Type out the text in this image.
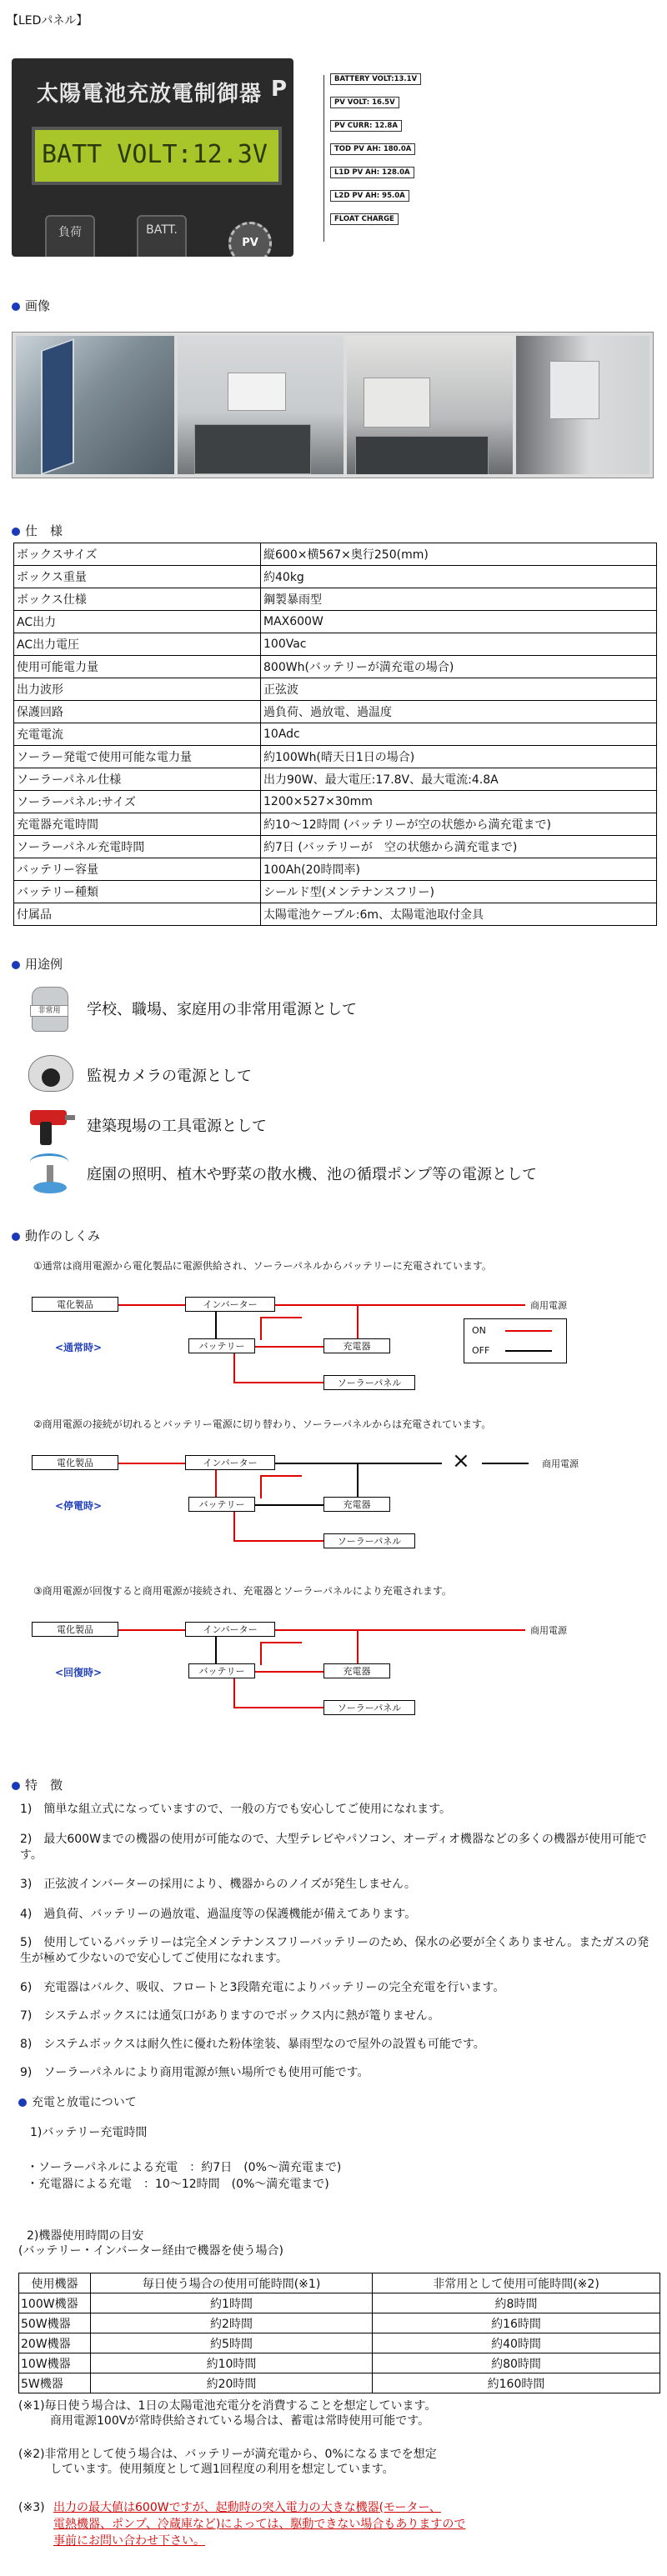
【LEDパネル】
太陽電池充放電制御器 P
BATT VOLT:12.3V
負荷	BATT.
PV
BATTERY VOLT:13.1V
PV VOLT: 16.5V
PV CURR: 12.8A
TOD PV AH: 180.0A
L1D PV AH: 128.0A
L2D PV AH: 95.0A
FLOAT CHARGE
画像
仕　様
ボックスサイズ	縦600×横567×奥行250(mm)
ボックス重量	約40kg
ボックス仕様	鋼製暴雨型
AC出力	MAX600W
AC出力電圧	100Vac
使用可能電力量	800Wh(バッテリーが満充電の場合)
出力波形	正弦波
保護回路	過負荷、過放電、過温度
充電電流	10Adc
ソーラー発電で使用可能な電力量	約100Wh(晴天日1日の場合)
ソーラーパネル仕様	出力90W、最大電圧:17.8V、最大電流:4.8A
ソーラーパネル:サイズ	1200×527×30mm
充電器充電時間	約10〜12時間 (バッテリーが空の状態から満充電まで)
ソーラーパネル充電時間	約7日 (バッテリーが　空の状態から満充電まで)
バッテリー容量	100Ah(20時間率)
バッテリー種類	シールド型(メンテナンスフリー)
付属品	太陽電池ケーブル:6m、太陽電池取付金具
用途例
非常用	学校、職場、家庭用の非常用電源として
監視カメラの電源として
建築現場の工具電源として
庭園の照明、植木や野菜の散水機、池の循環ポンプ等の電源として
動作のしくみ
①通常は商用電源から電化製品に電源供給され、ソーラーパネルからバッテリーに充電されています。
電化製品	インバーター
バッテリー	充電器
ソーラーパネル
<通常時>
商用電源
②商用電源の接続が切れるとバッテリー電源に切り替わり、ソーラーパネルからは充電されています。
電化製品	インバーター
バッテリー	充電器
ソーラーパネル
<停電時>
商用電源
×
③商用電源が回復すると商用電源が接続され、充電器とソーラーパネルにより充電されます。
電化製品	インバーター
バッテリー	充電器
ソーラーパネル
<回復時>
商用電源
ON
OFF
特　徴
1)　簡単な組立式になっていますので、一般の方でも安心してご使用になれます。
2)　最大600Wまでの機器の使用が可能なので、大型テレビやパソコン、オーディオ機器などの多くの機器が使用可能です。
3)　正弦波インバーターの採用により、機器からのノイズが発生しません。
4)　過負荷、バッテリーの過放電、過温度等の保護機能が備えてあります。
5)　使用しているバッテリーは完全メンテナンスフリーバッテリーのため、保水の必要が全くありません。またガスの発生が極めて少ないので安心してご使用になれます。
6)　充電器はバルク、吸収、フロートと3段階充電によりバッテリーの完全充電を行います。
7)　システムボックスには通気口がありますのでボックス内に熱が篭りません。
8)　システムボックスは耐久性に優れた粉体塗装、暴雨型なので屋外の設置も可能です。
9)　ソーラーパネルにより商用電源が無い場所でも使用可能です。
充電と放電について
1)バッテリー充電時間
・ソーラーパネルによる充電　：約7日　(0%〜満充電まで)
・充電器による充電　：10〜12時間　(0%〜満充電まで)
2)機器使用時間の目安
(バッテリー・インバーター経由で機器を使う場合)
使用機器	毎日使う場合の使用可能時間(※1)	非常用として使用可能時間(※2)
100W機器	約1時間	約8時間
50W機器	約2時間	約16時間
20W機器	約5時間	約40時間
10W機器	約10時間	約80時間
5W機器	約20時間	約160時間
(※1)毎日使う場合は、1日の太陽電池充電分を消費することを想定しています。
商用電源100Vが常時供給されている場合は、蓄電は常時使用可能です。
(※2)非常用として使う場合は、バッテリーが満充電から、0%になるまでを想定
しています。使用頻度として週1回程度の利用を想定しています。
(※3) 出力の最大値は600Wですが、起動時の突入電力の大きな機器(モーター、
電熱機器、ポンプ、冷蔵庫など)によっては、駆動できない場合もありますので
事前にお問い合わせ下さい。
